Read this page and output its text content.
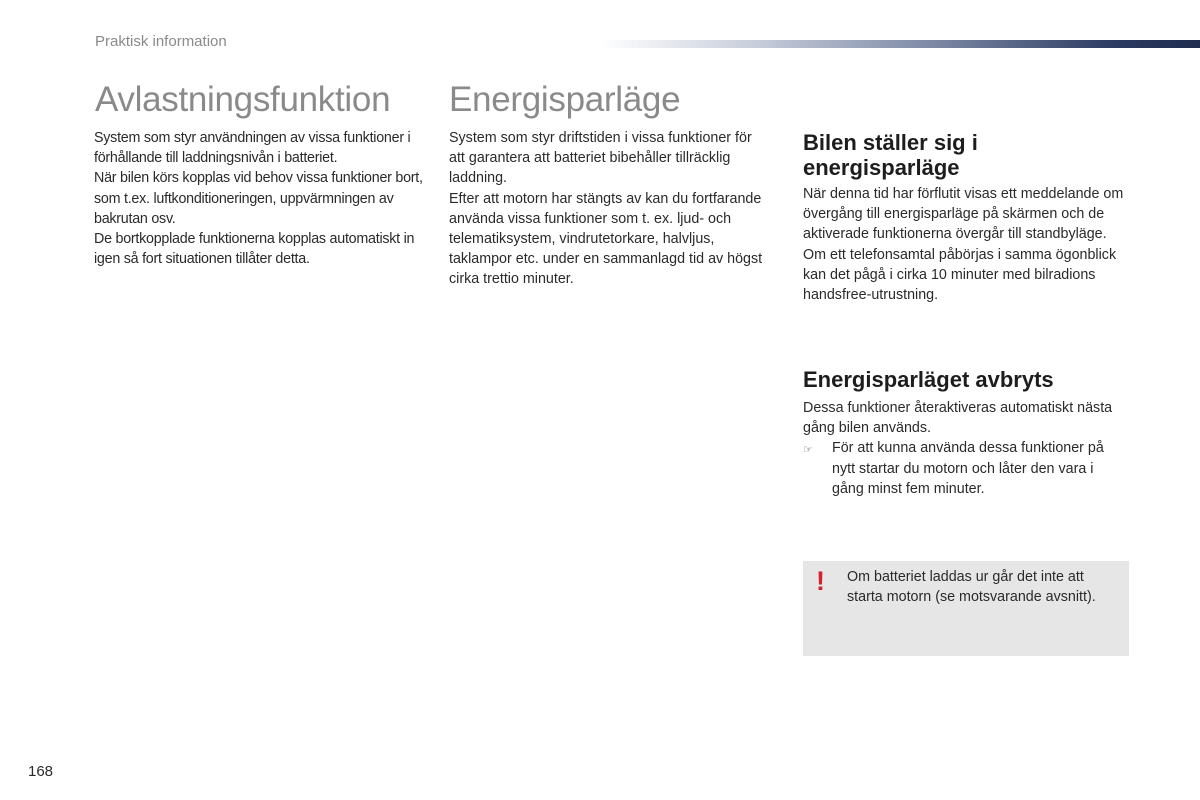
Praktisk information
Avlastningsfunktion

System som styr användningen av vissa funktioner i förhållande till laddningsnivån i batteriet.

När bilen körs kopplas vid behov vissa funktioner bort, som t.ex. luftkonditioneringen, uppvärmningen av bakrutan osv.

De bortkopplade funktionerna kopplas automatiskt in igen så fort situationen tillåter detta.

Energisparläge

System som styr driftstiden i vissa funktioner för att garantera att batteriet bibehåller tillräcklig laddning.

Efter att motorn har stängts av kan du fortfarande använda vissa funktioner som t. ex. ljud- och telematiksystem, vindrutetorkare, halvljus, taklampor etc. under en sammanlagd tid av högst cirka trettio minuter.

Bilen ställer sig i energisparläge

När denna tid har förflutit visas ett meddelande om övergång till energisparläge på skärmen och de aktiverade funktionerna övergår till standbyläge.

Om ett telefonsamtal påbörjas i samma ögonblick kan det pågå i cirka 10 minuter med bilradions handsfree-utrustning.

Energisparläget avbryts

Dessa funktioner återaktiveras automatiskt nästa gång bilen används.

☞	För att kunna använda dessa funktioner på nytt startar du motorn och låter den vara i gång minst fem minuter.
! Om batteriet laddas ur går det inte att starta motorn (se motsvarande avsnitt).
168
